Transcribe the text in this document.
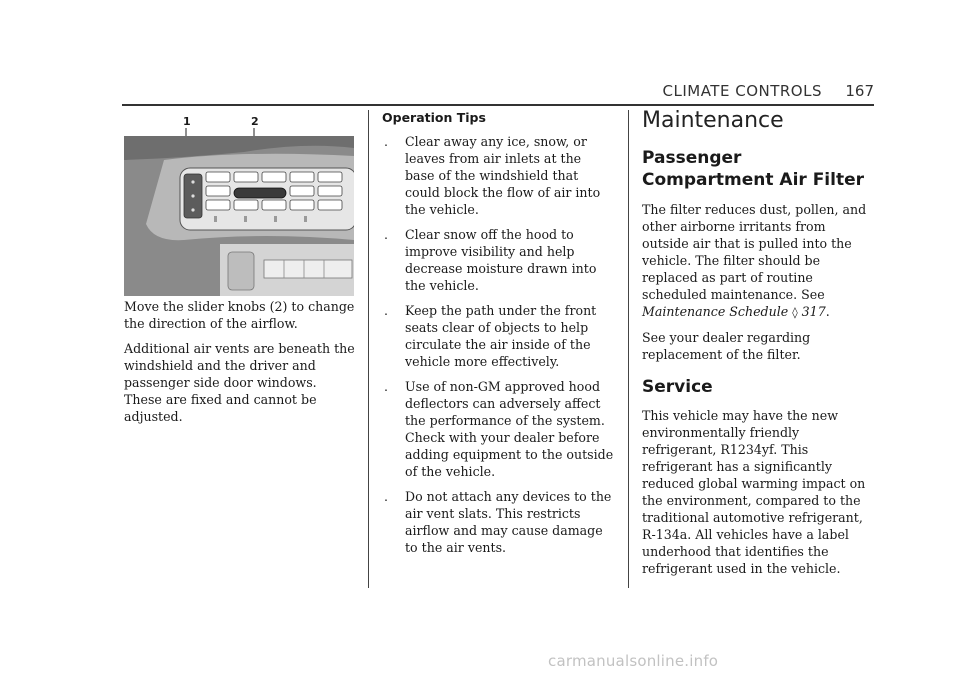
CLIMATE CONTROLS 167
1	2

Move the slider knobs (2) to change the direction of the airflow.

Additional air vents are beneath the windshield and the driver and passenger side door windows. These are fixed and cannot be adjusted.

Operation Tips
. Clear away any ice, snow, or leaves from air inlets at the base of the windshield that could block the flow of air into the vehicle.
. Clear snow off the hood to improve visibility and help decrease moisture drawn into the vehicle.
. Keep the path under the front seats clear of objects to help circulate the air inside of the vehicle more effectively.
. Use of non-GM approved hood deflectors can adversely affect the performance of the system. Check with your dealer before adding equipment to the outside of the vehicle.
. Do not attach any devices to the air vent slats. This restricts airflow and may cause damage to the air vents.
Maintenance
Passenger Compartment Air Filter

The filter reduces dust, pollen, and other airborne irritants from outside air that is pulled into the vehicle. The filter should be replaced as part of routine scheduled maintenance. See Maintenance Schedule ◊ 317.

See your dealer regarding replacement of the filter.

Service

This vehicle may have the new environmentally friendly refrigerant, R1234yf. This refrigerant has a significantly reduced global warming impact on the environment, compared to the traditional automotive refrigerant, R-134a. All vehicles have a label underhood that identifies the refrigerant used in the vehicle.

carmanualsonline.info
